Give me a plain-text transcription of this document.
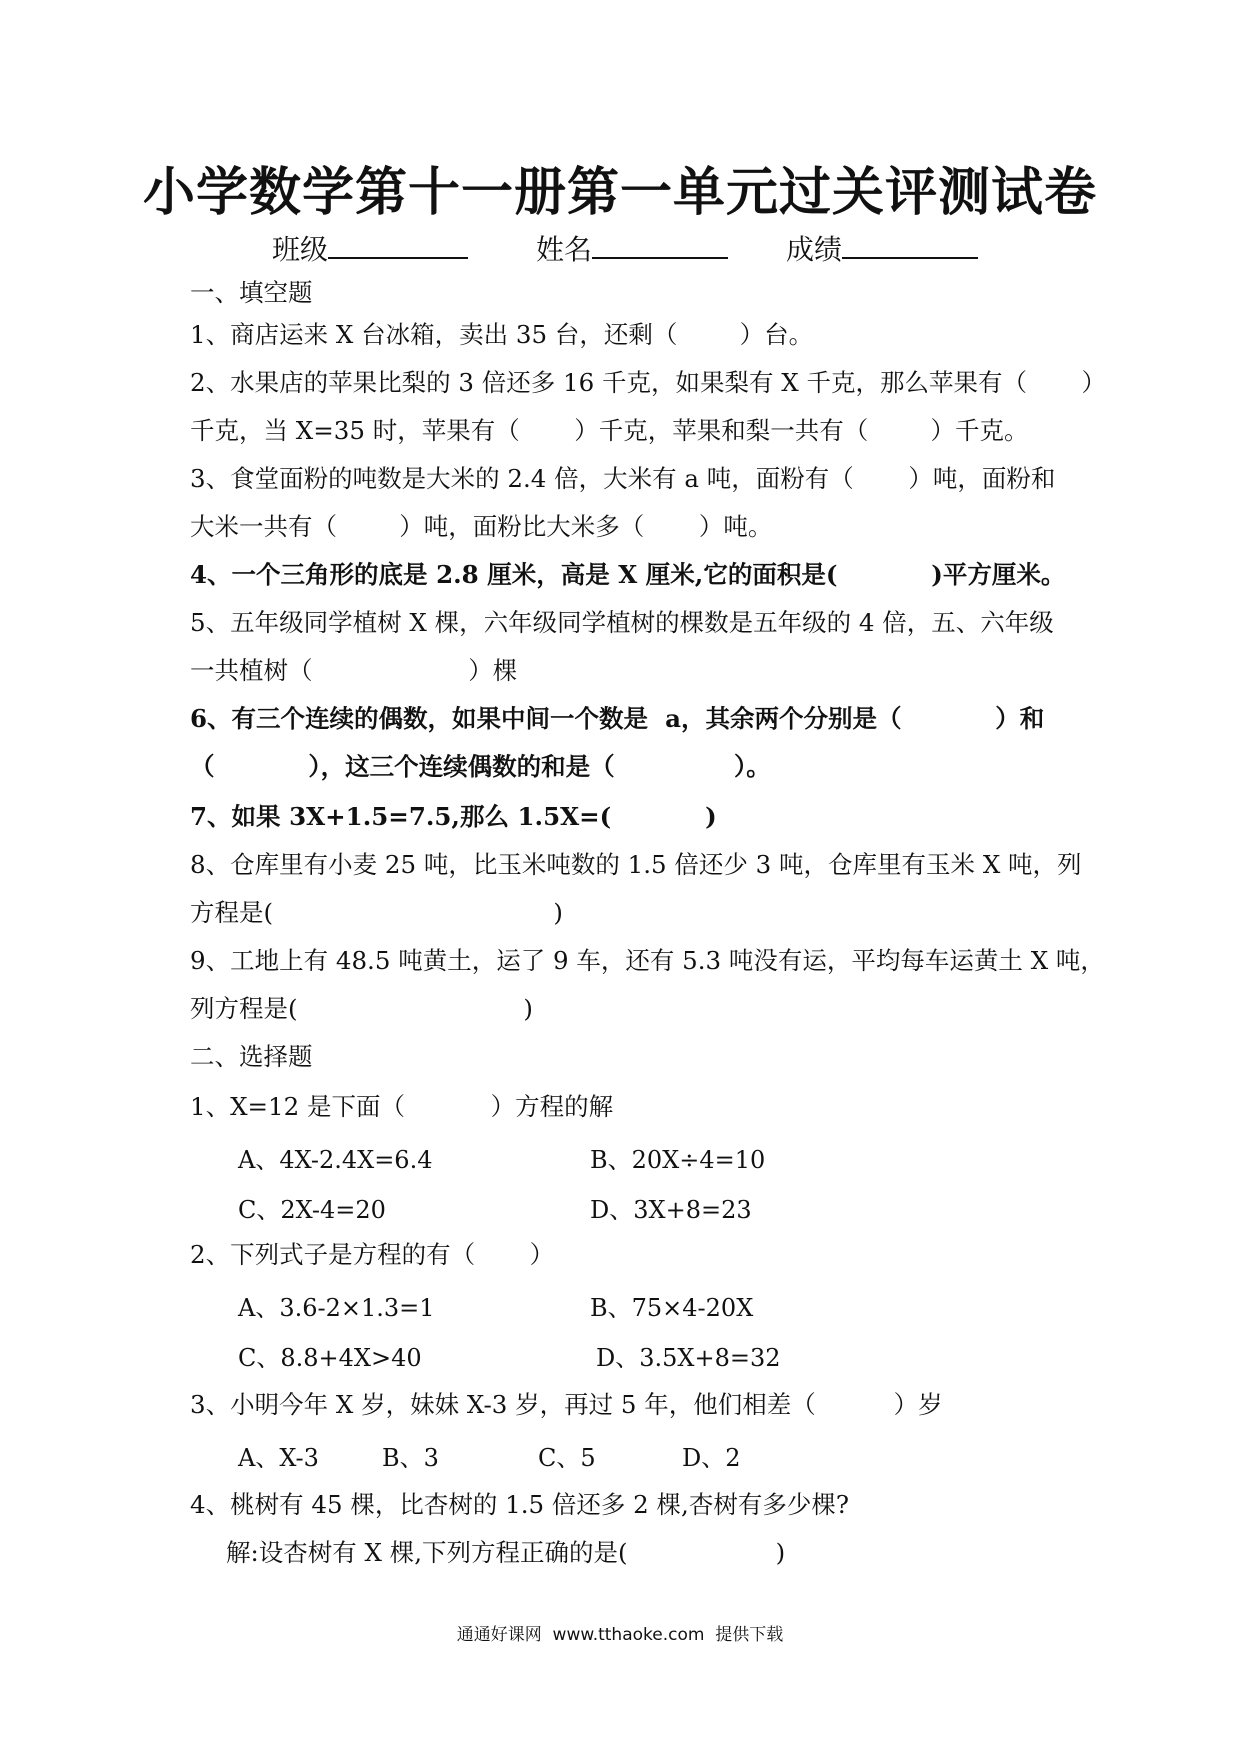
小学数学第十一册第一单元过关评测试卷
班级	姓名	成绩
一、填空题
1、商店运来 X 台冰箱，卖出 35 台，还剩（        ）台。
2、水果店的苹果比梨的 3 倍还多 16 千克，如果梨有 X 千克，那么苹果有（       ）
千克，当 X=35 时，苹果有（       ）千克，苹果和梨一共有（        ）千克。
3、食堂面粉的吨数是大米的 2.4 倍，大米有 a 吨，面粉有（       ）吨，面粉和
大米一共有（        ）吨，面粉比大米多（       ）吨。
4、一个三角形的底是 2.8 厘米，高是 X 厘米,它的面积是(           )平方厘米。
5、五年级同学植树 X 棵，六年级同学植树的棵数是五年级的 4 倍，五、六年级
一共植树（                    ）棵
6、有三个连续的偶数，如果中间一个数是  a，其余两个分别是（           ）和
（           ），这三个连续偶数的和是（              ）。
7、如果 3X+1.5=7.5,那么 1.5X=(           )
8、仓库里有小麦 25 吨，比玉米吨数的 1.5 倍还少 3 吨，仓库里有玉米 X 吨，列
方程是(                                    )
9、工地上有 48.5 吨黄土，运了 9 车，还有 5.3 吨没有运，平均每车运黄土 X 吨，
列方程是(                             )
二、选择题
1、X=12 是下面（           ）方程的解
A、4X-2.4X=6.4	B、20X÷4=10
C、2X-4=20	D、3X+8=23
2、下列式子是方程的有（       ）
A、3.6-2×1.3=1	B、75×4-20X
C、8.8+4X>40	D、3.5X+8=32
3、小明今年 X 岁，妹妹 X-3 岁，再过 5 年，他们相差（          ）岁
A、X-3	B、3	C、5	D、2
4、桃树有 45 棵，比杏树的 1.5 倍还多 2 棵,杏树有多少棵?
解:设杏树有 X 棵,下列方程正确的是(                   )
通通好课网  www.tthaoke.com  提供下载
